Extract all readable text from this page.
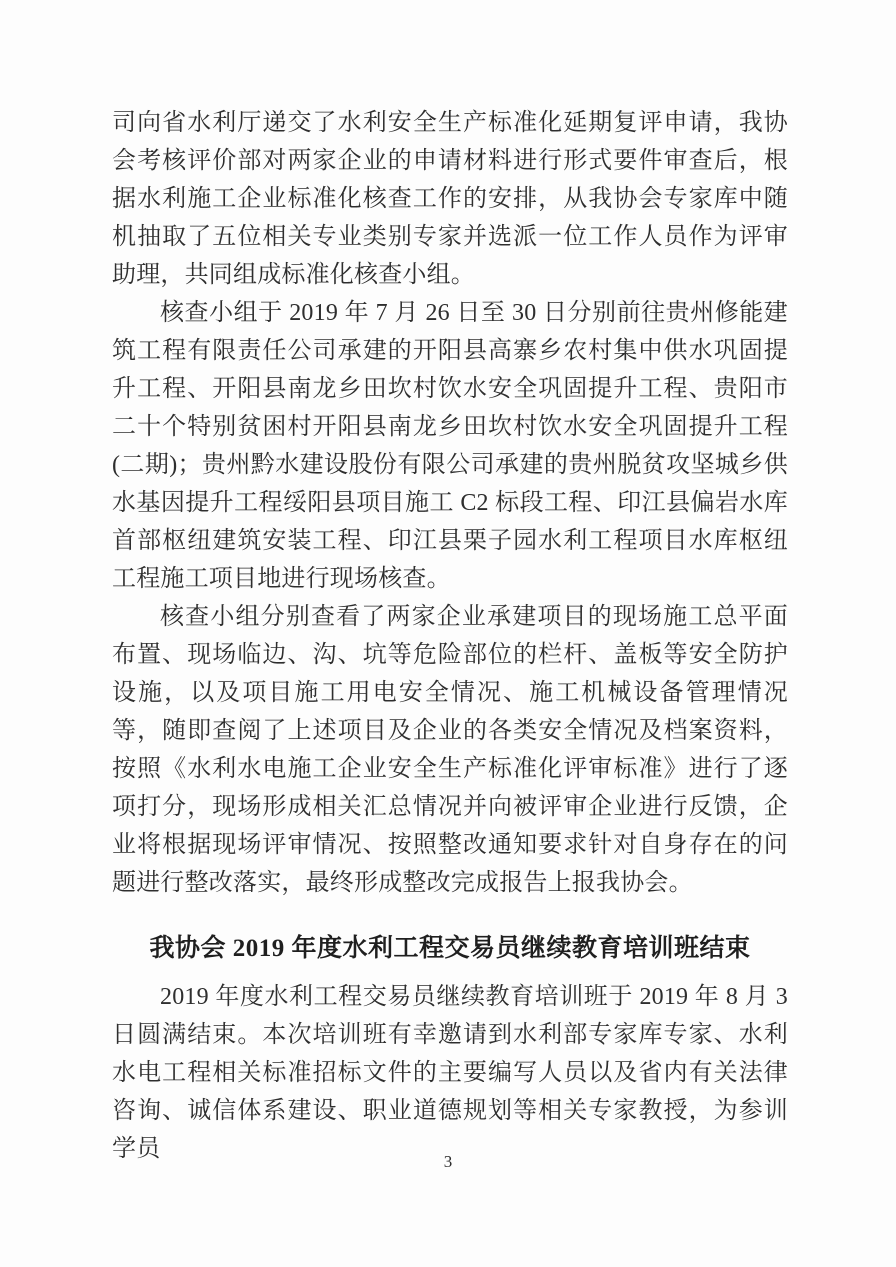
司向省水利厅递交了水利安全生产标准化延期复评申请，我协会考核评价部对两家企业的申请材料进行形式要件审查后，根据水利施工企业标准化核查工作的安排，从我协会专家库中随机抽取了五位相关专业类别专家并选派一位工作人员作为评审助理，共同组成标准化核查小组。

核查小组于 2019 年 7 月 26 日至 30 日分别前往贵州修能建筑工程有限责任公司承建的开阳县高寨乡农村集中供水巩固提升工程、开阳县南龙乡田坎村饮水安全巩固提升工程、贵阳市二十个特别贫困村开阳县南龙乡田坎村饮水安全巩固提升工程(二期)；贵州黔水建设股份有限公司承建的贵州脱贫攻坚城乡供水基因提升工程绥阳县项目施工 C2 标段工程、印江县偏岩水库首部枢纽建筑安装工程、印江县栗子园水利工程项目水库枢纽工程施工项目地进行现场核查。

核查小组分别查看了两家企业承建项目的现场施工总平面布置、现场临边、沟、坑等危险部位的栏杆、盖板等安全防护设施，以及项目施工用电安全情况、施工机械设备管理情况等，随即查阅了上述项目及企业的各类安全情况及档案资料，按照《水利水电施工企业安全生产标准化评审标准》进行了逐项打分，现场形成相关汇总情况并向被评审企业进行反馈，企业将根据现场评审情况、按照整改通知要求针对自身存在的问题进行整改落实，最终形成整改完成报告上报我协会。

我协会 2019 年度水利工程交易员继续教育培训班结束

2019 年度水利工程交易员继续教育培训班于 2019 年 8 月 3 日圆满结束。本次培训班有幸邀请到水利部专家库专家、水利水电工程相关标准招标文件的主要编写人员以及省内有关法律咨询、诚信体系建设、职业道德规划等相关专家教授，为参训学员	3
